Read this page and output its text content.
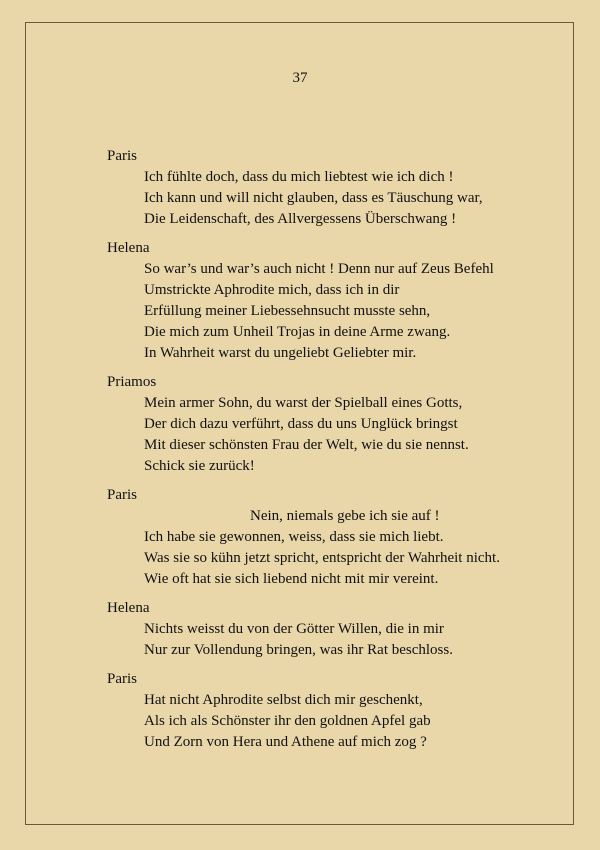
37
Paris
Ich fühlte doch, dass du mich liebtest wie ich dich !
Ich kann und will nicht glauben, dass es Täuschung war,
Die Leidenschaft, des Allvergessens Überschwang !
Helena
So war’s und war’s auch nicht ! Denn nur auf Zeus Befehl
Umstrickte Aphrodite mich, dass ich in dir
Erfüllung meiner Liebessehnsucht musste sehn,
Die mich zum Unheil Trojas in deine Arme zwang.
In Wahrheit warst du ungeliebt Geliebter mir.
Priamos
Mein armer Sohn, du warst der Spielball eines Gotts,
Der dich dazu verführt, dass du uns Unglück bringst
Mit dieser schönsten Frau der Welt, wie du sie nennst.
Schick sie zurück!
Paris
Nein, niemals gebe ich sie auf !
Ich habe sie gewonnen, weiss, dass sie mich liebt.
Was sie so kühn jetzt spricht, entspricht der Wahrheit nicht.
Wie oft hat sie sich liebend nicht mit mir vereint.
Helena
Nichts weisst du von der Götter Willen, die in mir
Nur zur Vollendung bringen, was ihr Rat beschloss.
Paris
Hat nicht Aphrodite selbst dich mir geschenkt,
Als ich als Schönster ihr den goldnen Apfel gab
Und Zorn von Hera und Athene auf mich zog ?
